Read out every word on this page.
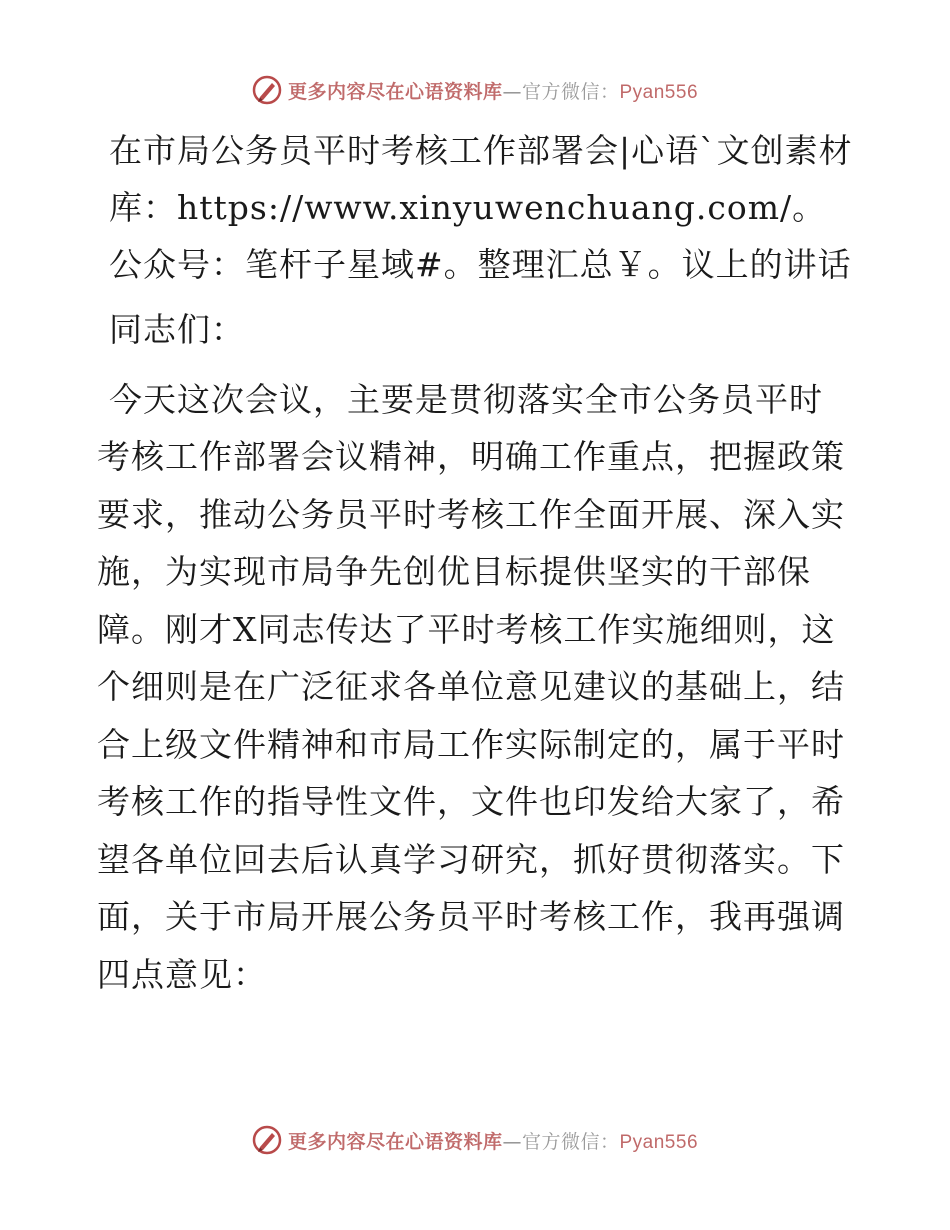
更多内容尽在心语资料库—官方微信：Pyan556
在市局公务员平时考核工作部署会|心语`文创素材库：https://www.xinyuwenchuang.com/。公众号：笔杆子星域#。整理汇总￥。议上的讲话

同志们：

今天这次会议，主要是贯彻落实全市公务员平时考核工作部署会议精神，明确工作重点，把握政策要求，推动公务员平时考核工作全面开展、深入实施，为实现市局争先创优目标提供坚实的干部保障。刚才X同志传达了平时考核工作实施细则，这个细则是在广泛征求各单位意见建议的基础上，结合上级文件精神和市局工作实际制定的，属于平时考核工作的指导性文件，文件也印发给大家了，希望各单位回去后认真学习研究，抓好贯彻落实。下面，关于市局开展公务员平时考核工作，我再强调四点意见：

更多内容尽在心语资料库—官方微信：Pyan556
